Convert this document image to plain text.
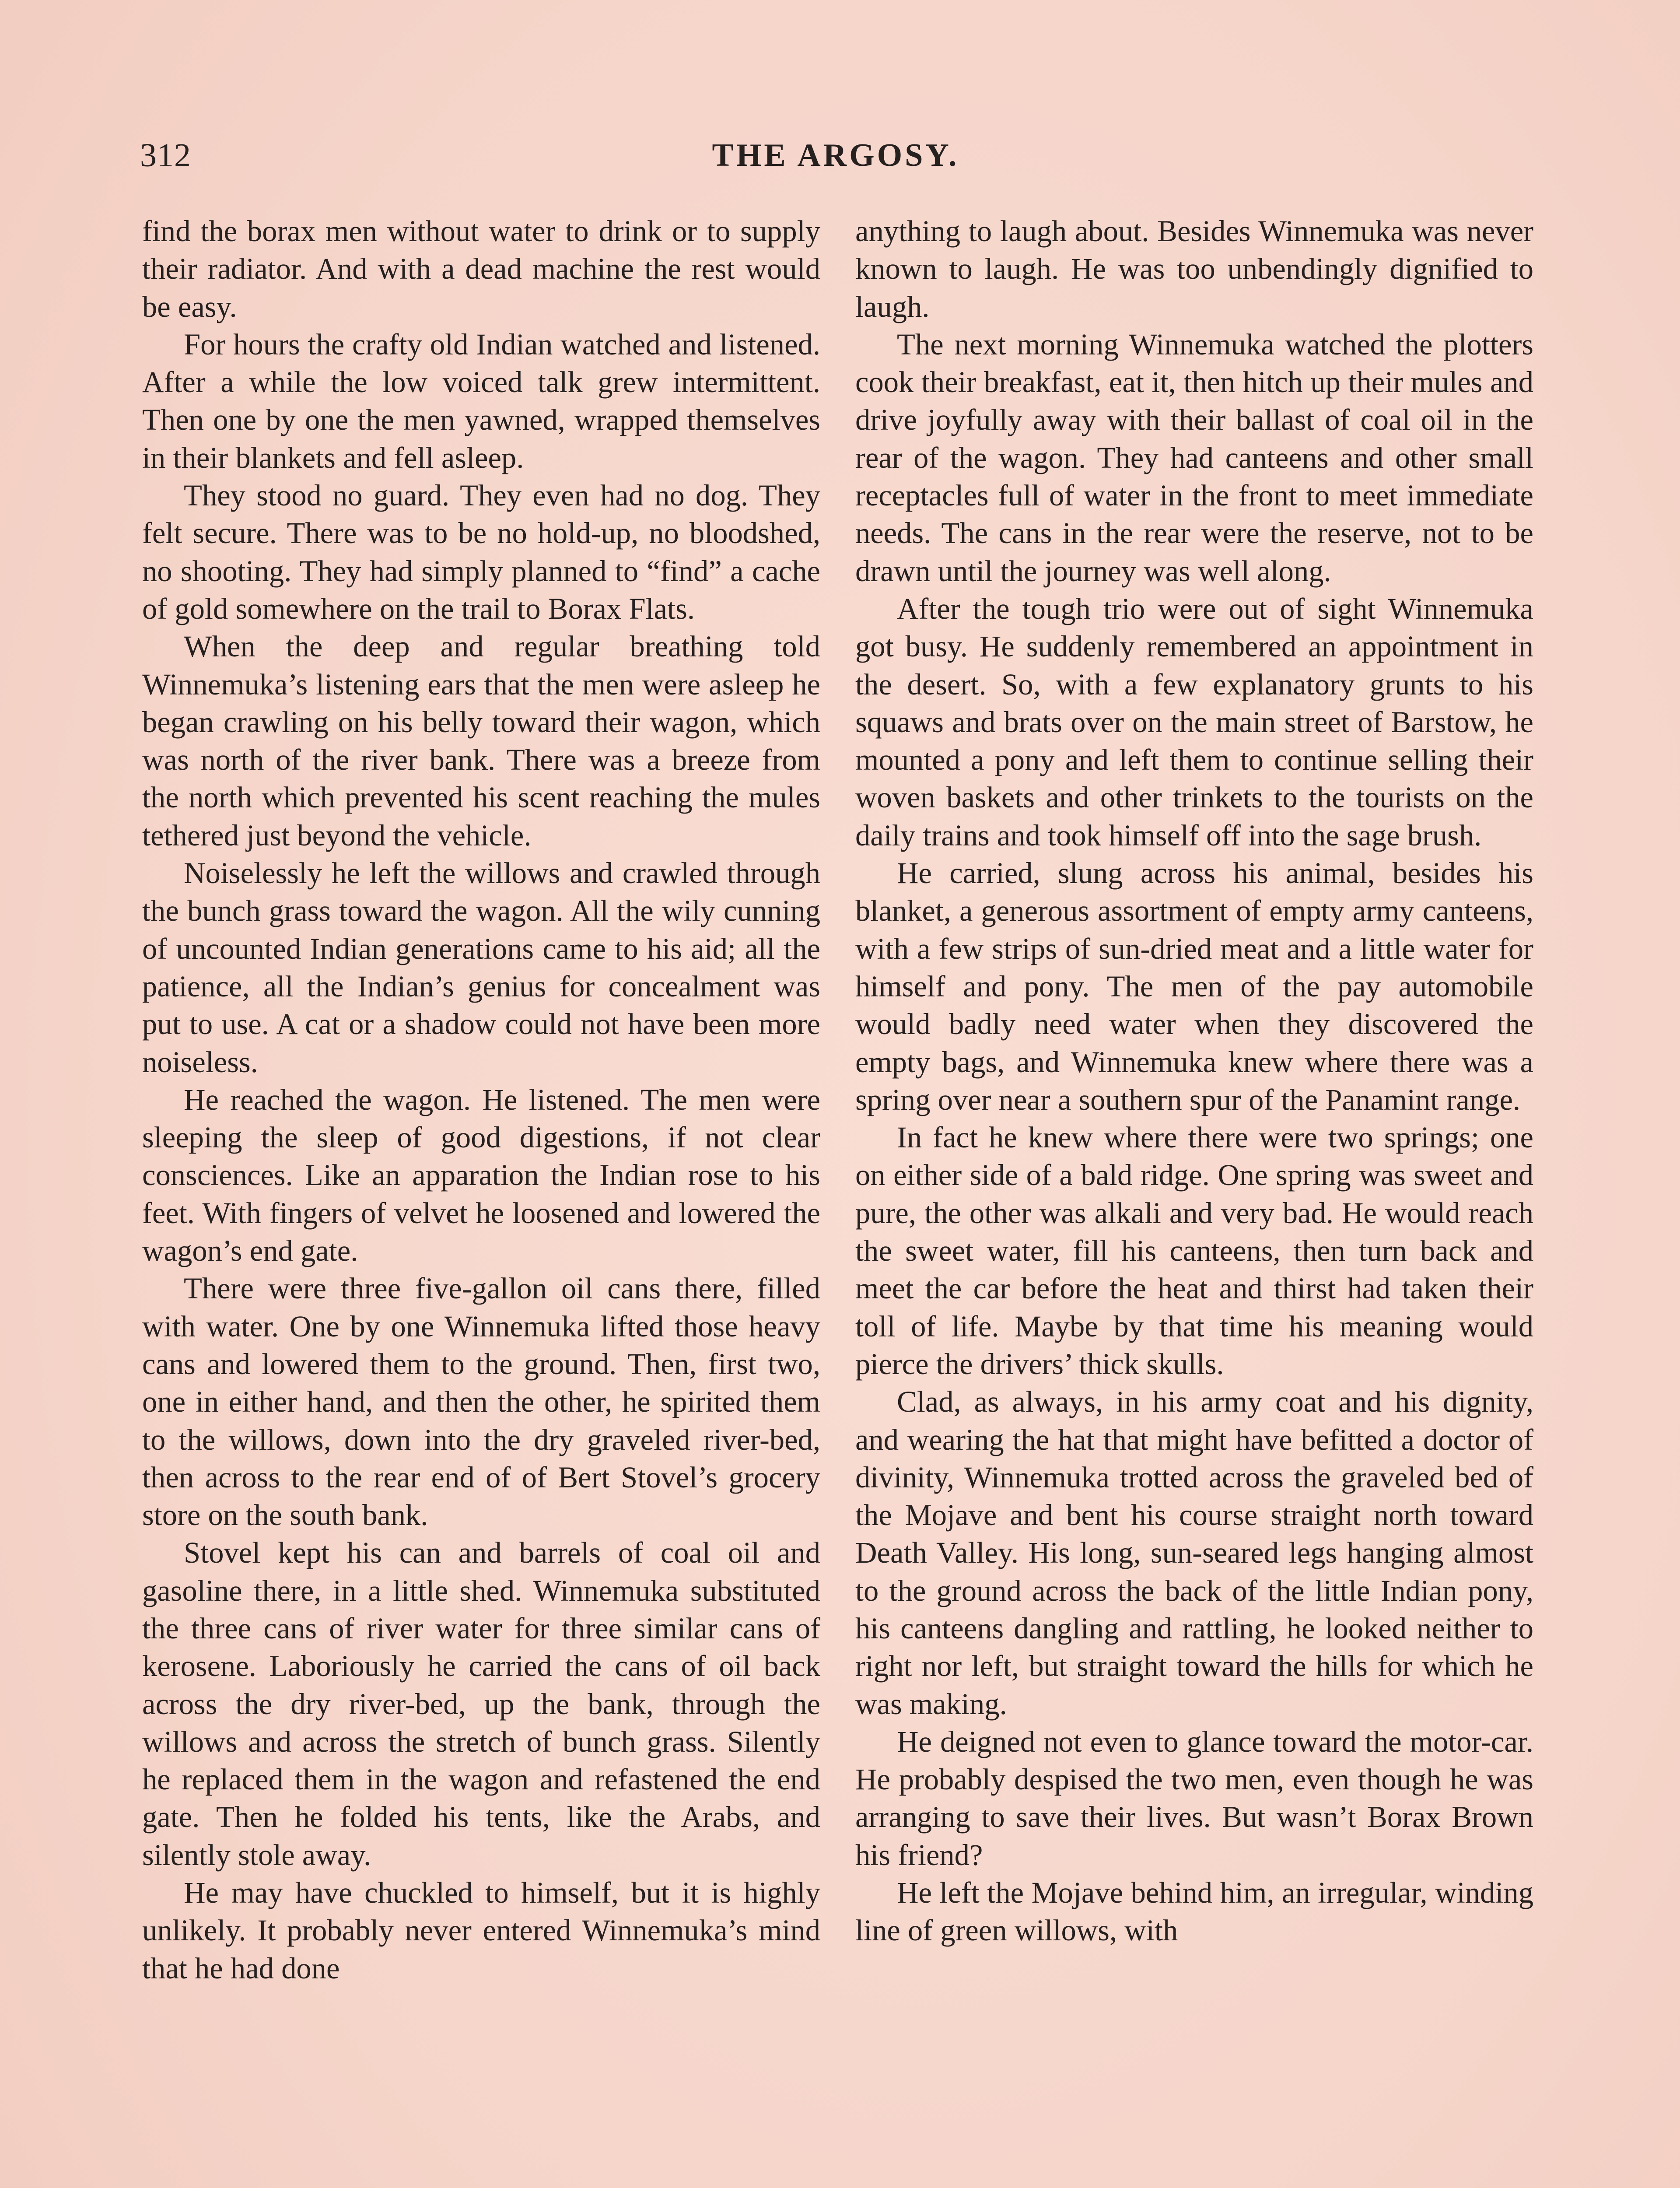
312	THE ARGOSY.

find the borax men without water to drink or to supply their radiator. And with a dead machine the rest would be easy.

For hours the crafty old Indian watched and listened. After a while the low voiced talk grew intermittent. Then one by one the men yawned, wrapped themselves in their blankets and fell asleep.

They stood no guard. They even had no dog. They felt secure. There was to be no hold-up, no bloodshed, no shooting. They had simply planned to “find” a cache of gold somewhere on the trail to Borax Flats.

When the deep and regular breathing told Winnemuka’s listening ears that the men were asleep he began crawling on his belly toward their wagon, which was north of the river bank. There was a breeze from the north which prevented his scent reaching the mules tethered just beyond the vehicle.

Noiselessly he left the willows and crawled through the bunch grass toward the wagon. All the wily cunning of uncounted Indian generations came to his aid; all the patience, all the Indian’s genius for concealment was put to use. A cat or a shadow could not have been more noiseless.

He reached the wagon. He listened. The men were sleeping the sleep of good digestions, if not clear consciences. Like an apparation the Indian rose to his feet. With fingers of velvet he loosened and lowered the wagon’s end gate.

There were three five-gallon oil cans there, filled with water. One by one Winnemuka lifted those heavy cans and lowered them to the ground. Then, first two, one in either hand, and then the other, he spirited them to the willows, down into the dry graveled river-bed, then across to the rear end of of Bert Stovel’s grocery store on the south bank.

Stovel kept his can and barrels of coal oil and gasoline there, in a little shed. Winnemuka substituted the three cans of river water for three similar cans of kerosene. Laboriously he carried the cans of oil back across the dry river-bed, up the bank, through the willows and across the stretch of bunch grass. Silently he replaced them in the wagon and refastened the end gate. Then he folded his tents, like the Arabs, and silently stole away.

He may have chuckled to himself, but it is highly unlikely. It probably never entered Winnemuka’s mind that he had done

anything to laugh about. Besides Winnemuka was never known to laugh. He was too unbendingly dignified to laugh.

The next morning Winnemuka watched the plotters cook their breakfast, eat it, then hitch up their mules and drive joyfully away with their ballast of coal oil in the rear of the wagon. They had canteens and other small receptacles full of water in the front to meet immediate needs. The cans in the rear were the reserve, not to be drawn until the journey was well along.

After the tough trio were out of sight Winnemuka got busy. He suddenly remembered an appointment in the desert. So, with a few explanatory grunts to his squaws and brats over on the main street of Barstow, he mounted a pony and left them to continue selling their woven baskets and other trinkets to the tourists on the daily trains and took himself off into the sage brush.

He carried, slung across his animal, besides his blanket, a generous assortment of empty army canteens, with a few strips of sun-dried meat and a little water for himself and pony. The men of the pay automobile would badly need water when they discovered the empty bags, and Winnemuka knew where there was a spring over near a southern spur of the Panamint range.

In fact he knew where there were two springs; one on either side of a bald ridge. One spring was sweet and pure, the other was alkali and very bad. He would reach the sweet water, fill his canteens, then turn back and meet the car before the heat and thirst had taken their toll of life. Maybe by that time his meaning would pierce the drivers’ thick skulls.

Clad, as always, in his army coat and his dignity, and wearing the hat that might have befitted a doctor of divinity, Winnemuka trotted across the graveled bed of the Mojave and bent his course straight north toward Death Valley. His long, sun-seared legs hanging almost to the ground across the back of the little Indian pony, his canteens dangling and rattling, he looked neither to right nor left, but straight toward the hills for which he was making.

He deigned not even to glance toward the motor-car. He probably despised the two men, even though he was arranging to save their lives. But wasn’t Borax Brown his friend?

He left the Mojave behind him, an irregular, winding line of green willows, with
